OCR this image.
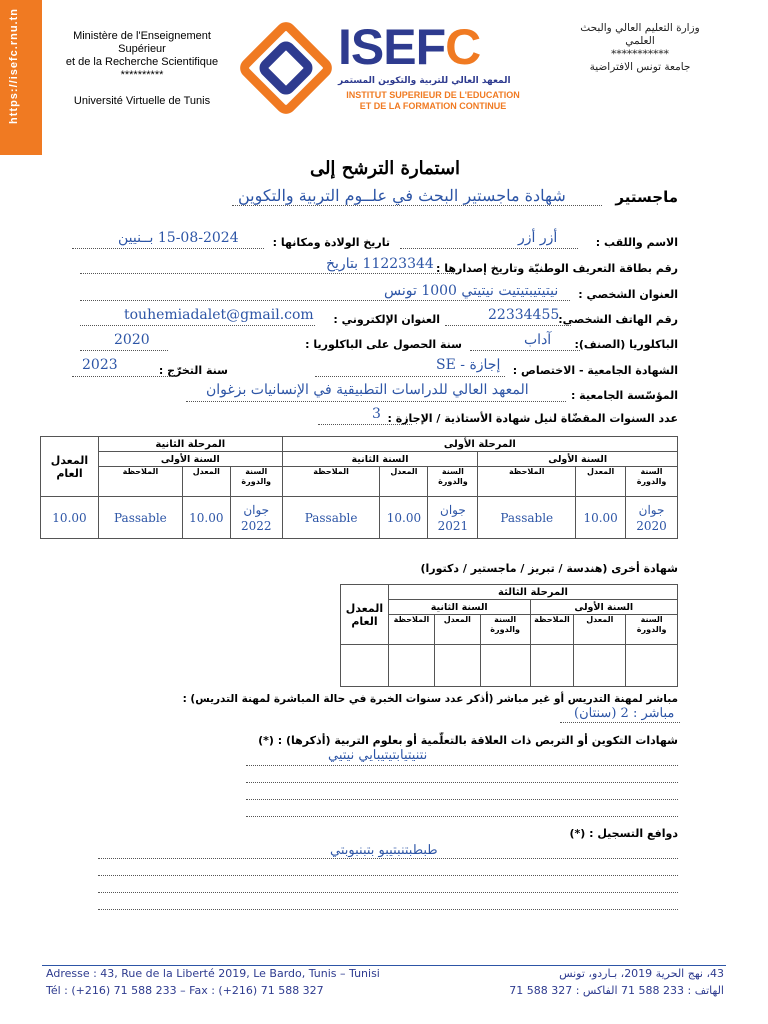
https://isefc.rnu.tn	Ministère de l'Enseignement Supérieur
et de la Recherche Scientifique
**********
Université Virtuelle de Tunis
ISEFC
المعهد العالي للتربية والتكوين المستمر
INSTITUT SUPERIEUR DE L'EDUCATION
ET DE LA FORMATION CONTINUE
وزارة التعليم العالي والبحث
العلمي
***********
جامعة تونس الافتراضية
استمارة الترشح إلى
ماجستير
شهادة ماجستير البحث في علــوم التربية والتكوين
الاسم واللقب :
أزر أزر
تاريخ الولادة ومكانها :
15-08-2024 بــنيين
رقم بطاقة التعريف الوطنيّة وتاريخ إصدارها :
11223344 بتاريخ
العنوان الشخصي :
نيتيتيبتيتيت نيتيتي 1000 تونس
رقم الهاتف الشخصي:
22334455
العنوان الإلكتروني :
touhemiadalet@gmail.com
الباكلوريا (الصنف):
آداب
سنة الحصول على الباكلوريا :
2020
الشهادة الجامعية - الاختصاص :
إجازة - SE
سنة التخرّج :
2023
المؤسّسة الجامعية :
المعهد العالي للدراسات التطبيقية في الإنسانيات بزغوان
عدد السنوات المقضّاة لنيل شهادة الأستاذية / الإجازة :
3
المرحلة الأولى						المرحلة الثانية			المعدل العام
السنة الأولى			السنة الثانية			السنة الأولى			
السنة والدورة	المعدل	الملاحظة	السنة والدورة	المعدل	الملاحظة	السنة والدورة	المعدل	الملاحظة	
جوان 2020	10.00	Passable	جوان 2021	10.00	Passable	جوان 2022	10.00	Passable	10.00
شهادة أخرى (هندسة / تبريز / ماجستير / دكتورا)
المرحلة الثالثة						المعدل العام
السنة الأولى			السنة الثانية			
السنة والدورة	المعدل	الملاحظة	السنة والدورة	المعدل	الملاحظة	

مباشر لمهنة التدريس أو غير مباشر (أذكر عدد سنوات الخبرة في حالة المباشرة لمهنة التدريس) :
مباشر : 2 (سنتان)
شهادات التكوين أو التربص ذات العلاقة بالتعلّمية أو بعلوم التربية (أذكرها) : (*)
نتنيتيابتيتيبايي نيتيي
دوافع التسجيل : (*)
طبطبتنبتيبو بتبنبوبتي
Adresse : 43, Rue de la Liberté 2019, Le Bardo, Tunis – Tunisi
Tél : (+216) 71 588 233 – Fax : (+216) 71 588 327
43، نهج الحرية 2019، بـاردو، تونس
الهاتف : 233 588 71 الفاكس : 327 588 71
